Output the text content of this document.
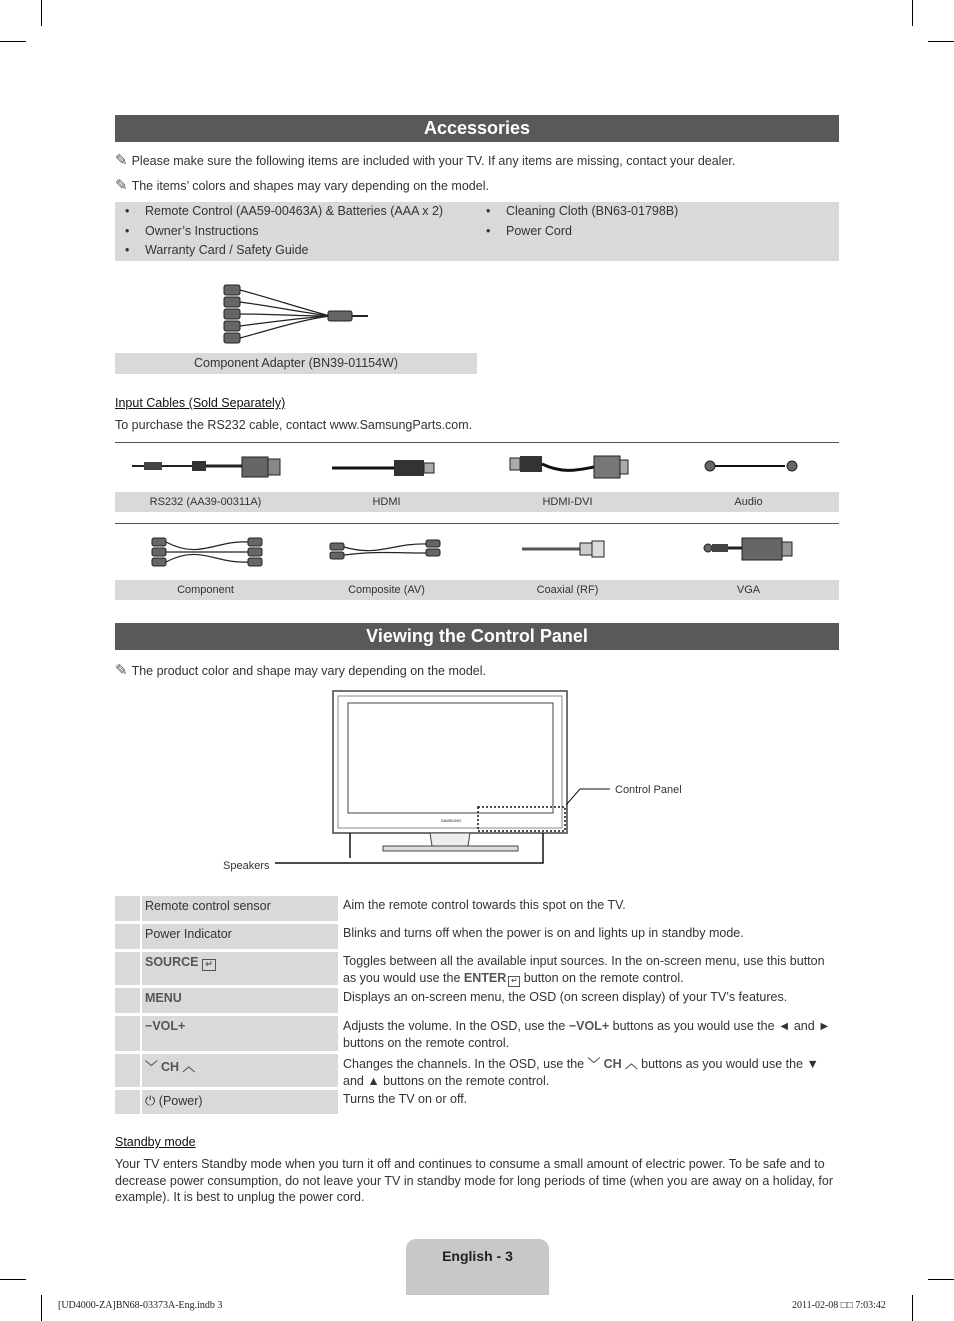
Accessories
✎ Please make sure the following items are included with your TV. If any items are missing, contact your dealer.
✎ The items’ colors and shapes may vary depending on the model.
• Remote Control (AA59-00463A) & Batteries (AAA x 2)
• Owner’s Instructions
• Warranty Card / Safety Guide
• Cleaning Cloth (BN63-01798B)
• Power Cord
Component Adapter (BN39-01154W)
Input Cables (Sold Separately)
To purchase the RS232 cable, contact www.SamsungParts.com.
RS232 (AA39-00311A)	HDMI	HDMI-DVI	Audio
Component	Composite (AV)	Coaxial (RF)	VGA
Viewing the Control Panel
✎ The product color and shape may vary depending on the model.
SAMSUNG
Control Panel
Speakers
Remote control sensor	Aim the remote control towards this spot on the TV.
Power Indicator	Blinks and turns off when the power is on and lights up in standby mode.
SOURCE ↵	Toggles between all the available input sources. In the on-screen menu, use this button as you would use the ENTER ↵ button on the remote control.
MENU	Displays an on-screen menu, the OSD (on screen display) of your TV’s features.
−VOL+	Adjusts the volume. In the OSD, use the −VOL+ buttons as you would use the ◄ and ► buttons on the remote control.
﹀ CH ︿	Changes the channels. In the OSD, use the ﹀ CH ︿ buttons as you would use the ▼ and ▲ buttons on the remote control.
⏻ (Power)	Turns the TV on or off.
Standby mode
Your TV enters Standby mode when you turn it off and continues to consume a small amount of electric power. To be safe and to decrease power consumption, do not leave your TV in standby mode for long periods of time (when you are away on a holiday, for example). It is best to unplug the power cord.
English - 3
[UD4000-ZA]BN68-03373A-Eng.indb 3	2011-02-08 □□ 7:03:42
